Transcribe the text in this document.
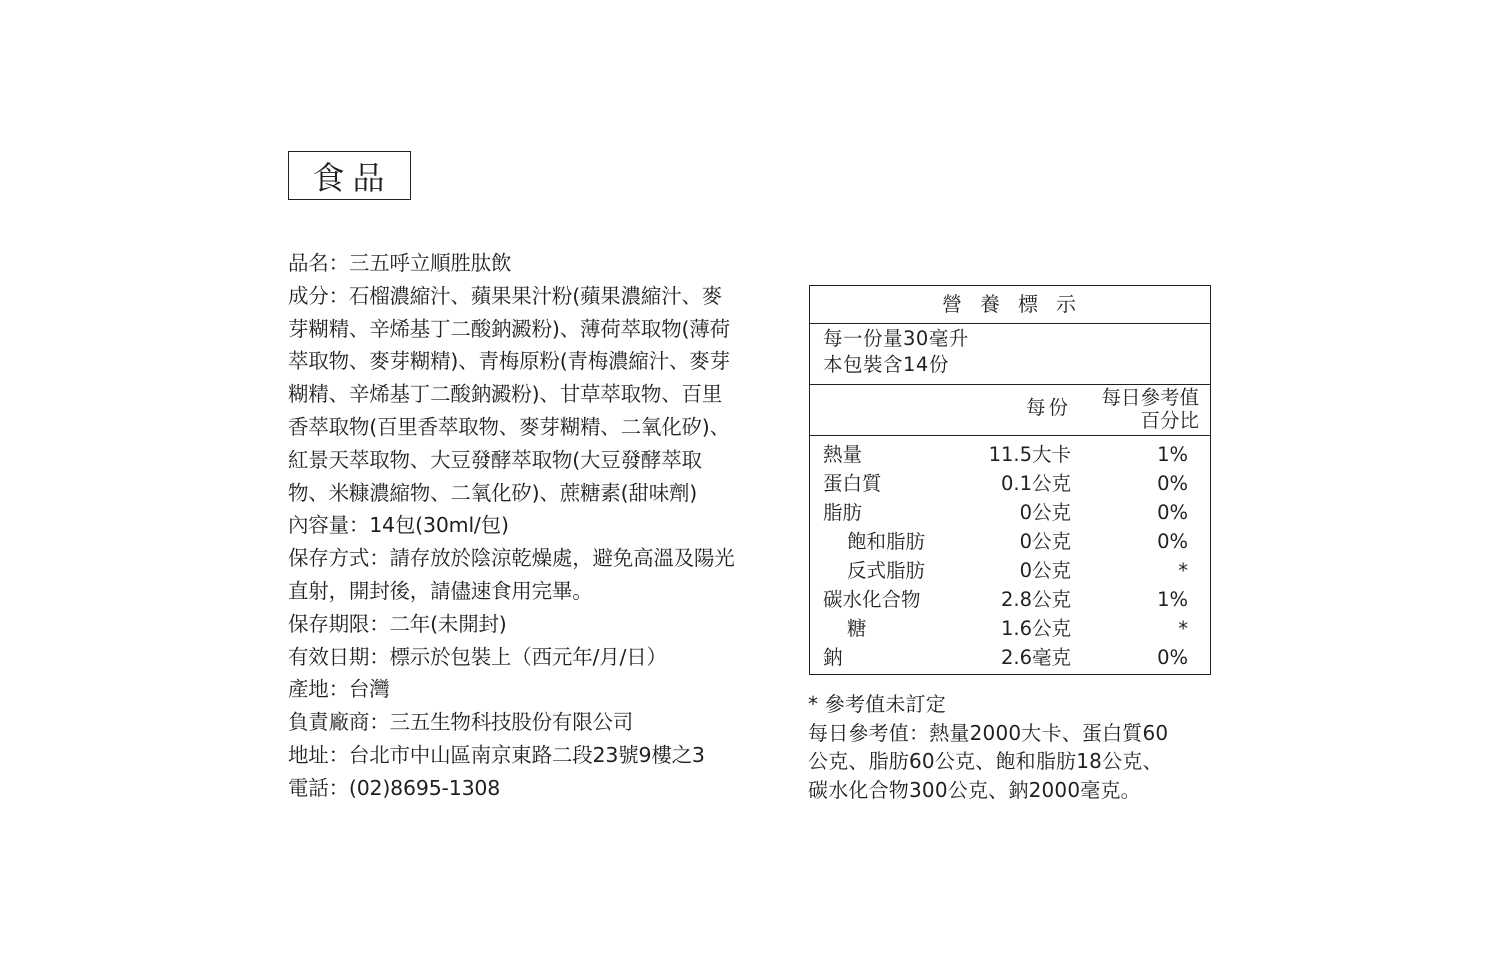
食品
品名：三五呼立順胜肽飲
成分：石榴濃縮汁、蘋果果汁粉(蘋果濃縮汁、麥
芽糊精、辛烯基丁二酸鈉澱粉)、薄荷萃取物(薄荷
萃取物、麥芽糊精)、青梅原粉(青梅濃縮汁、麥芽
糊精、辛烯基丁二酸鈉澱粉)、甘草萃取物、百里
香萃取物(百里香萃取物、麥芽糊精、二氧化矽)、
紅景天萃取物、大豆發酵萃取物(大豆發酵萃取
物、米糠濃縮物、二氧化矽)、蔗糖素(甜味劑)
內容量：14包(30ml/包)
保存方式：請存放於陰涼乾燥處，避免高溫及陽光
直射，開封後，請儘速食用完畢。
保存期限：二年(未開封)
有效日期：標示於包裝上（西元年/月/日）
產地：台灣
負責廠商：三五生物科技股份有限公司
地址：台北市中山區南京東路二段23號9樓之3
電話：(02)8695-1308
營養標示
每一份量30毫升
本包裝含14份
每份 每日參考值
百分比
熱量	11.5大卡	1%
蛋白質	0.1公克	0%
脂肪	0公克	0%
飽和脂肪	0公克	0%
反式脂肪	0公克	*
碳水化合物	2.8公克	1%
糖	1.6公克	*
鈉	2.6毫克	0%
* 參考值未訂定
每日參考值：熱量2000大卡、蛋白質60
公克、脂肪60公克、飽和脂肪18公克、
碳水化合物300公克、鈉2000毫克。
